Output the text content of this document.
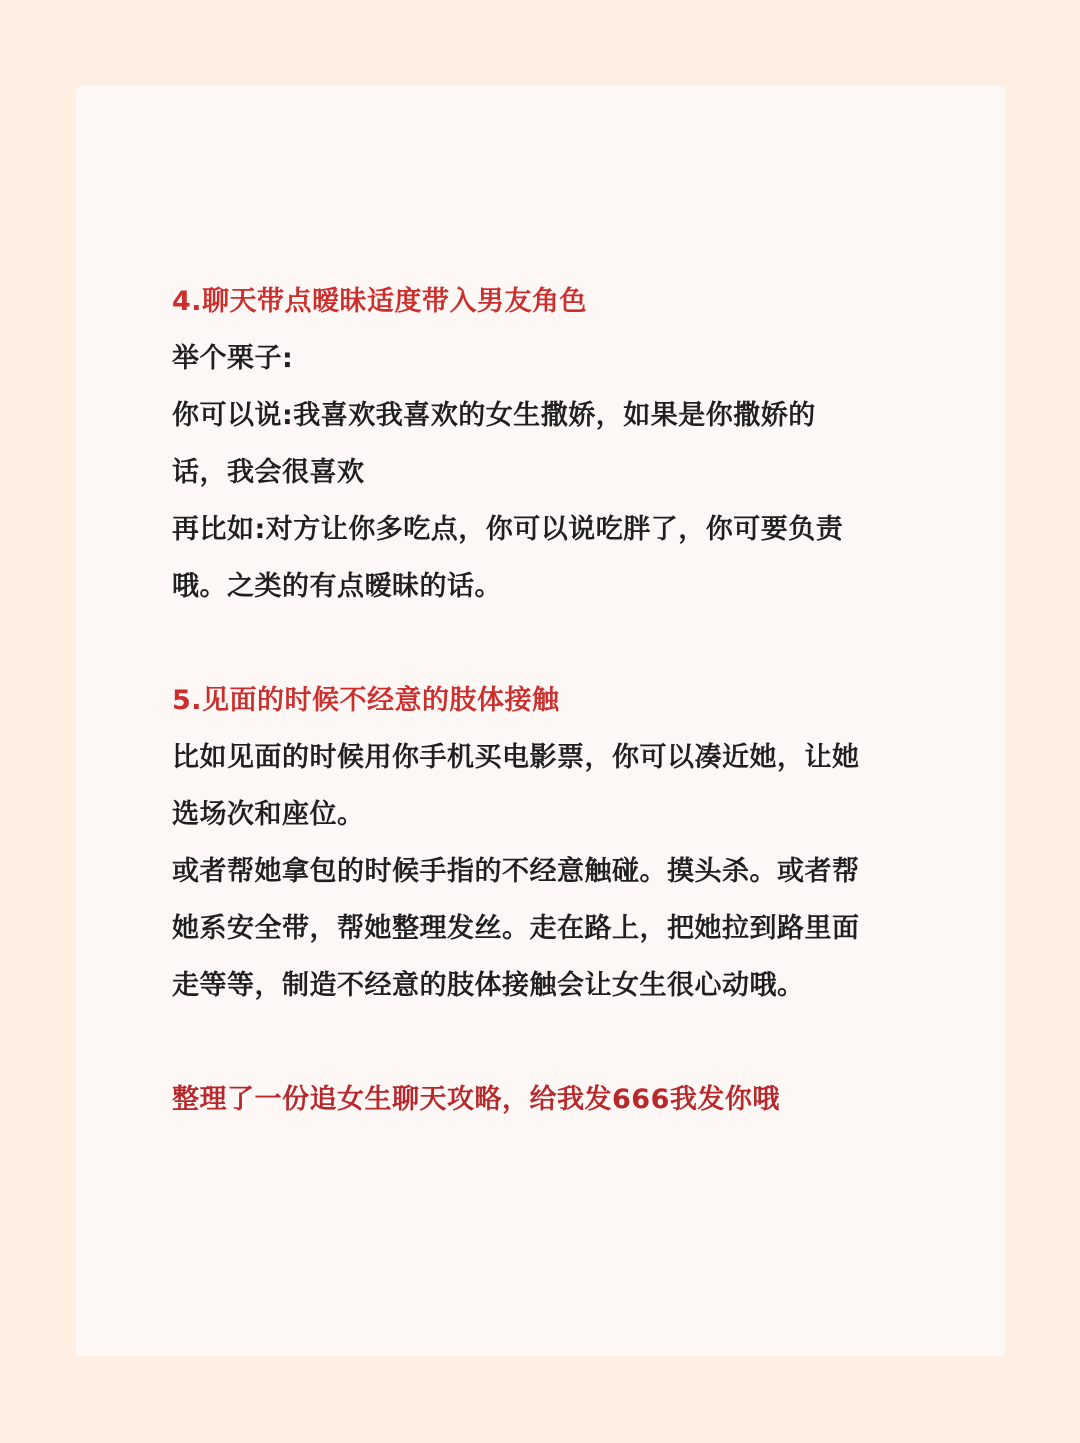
4.聊天带点暧昧适度带入男友角色

举个栗子:

你可以说:我喜欢我喜欢的女生撒娇，如果是你撒娇的

话，我会很喜欢

再比如:对方让你多吃点，你可以说吃胖了，你可要负责

哦。之类的有点暧昧的话。

5.见面的时候不经意的肢体接触

比如见面的时候用你手机买电影票，你可以凑近她，让她

选场次和座位。

或者帮她拿包的时候手指的不经意触碰。摸头杀。或者帮

她系安全带，帮她整理发丝。走在路上，把她拉到路里面

走等等，制造不经意的肢体接触会让女生很心动哦。

整理了一份追女生聊天攻略，给我发666我发你哦
